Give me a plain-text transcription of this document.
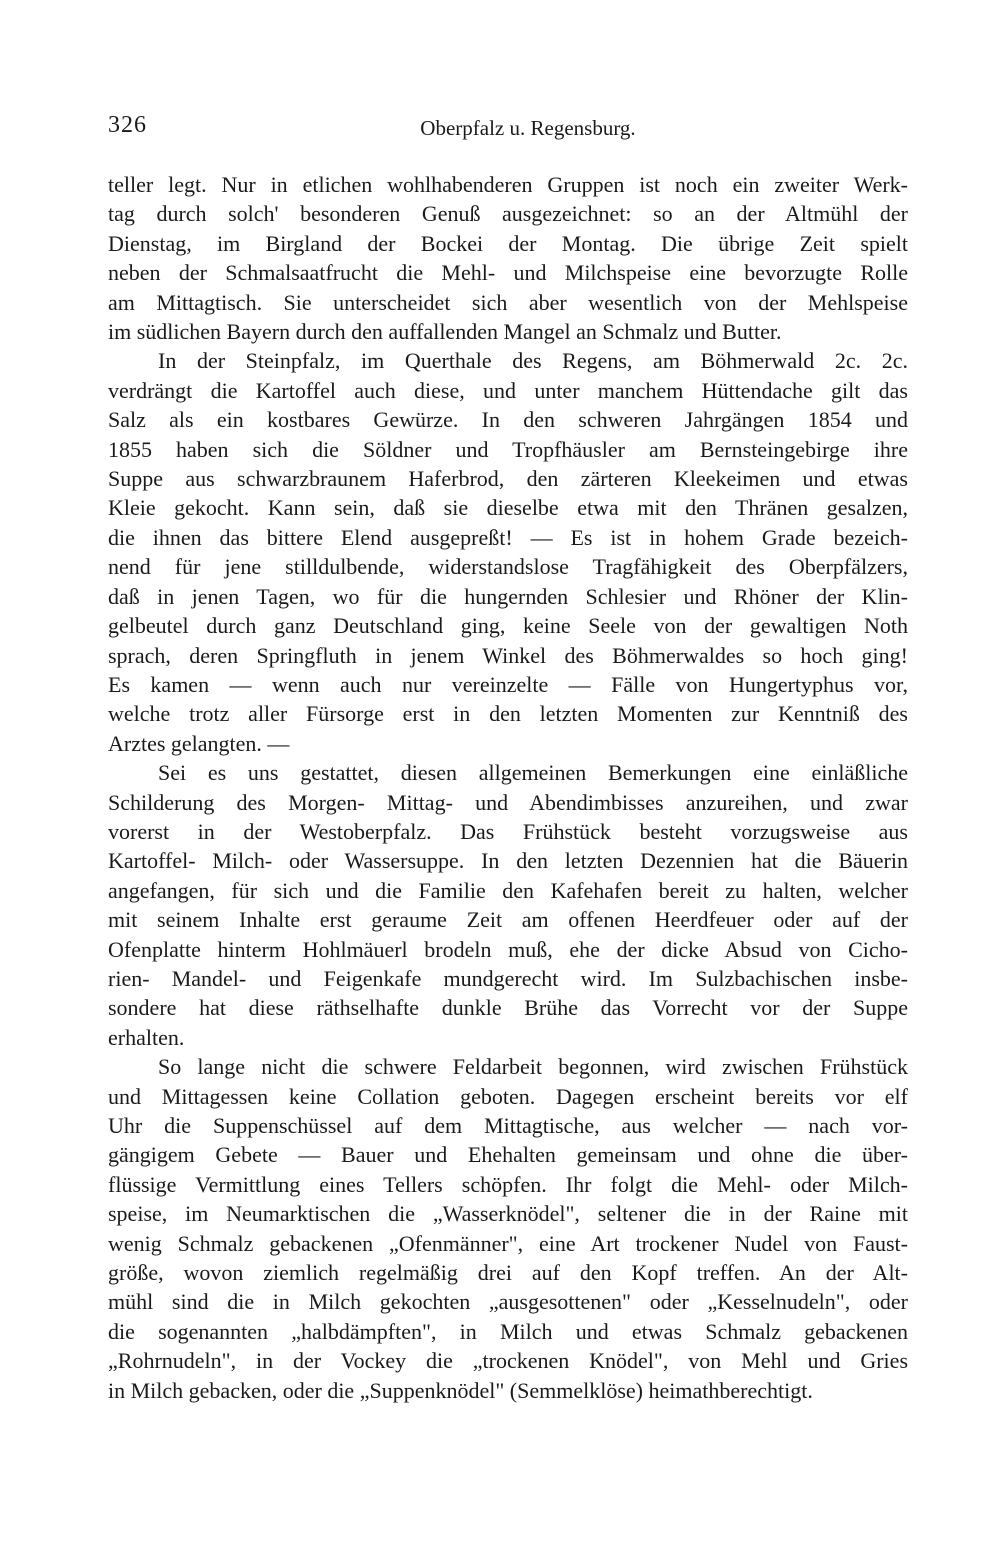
326	Oberpfalz u. Regensburg.
teller legt. Nur in etlichen wohlhabenderen Gruppen ist noch ein zweiter Werk-
tag durch solch' besonderen Genuß ausgezeichnet: so an der Altmühl der
Dienstag, im Birgland der Bockei der Montag. Die übrige Zeit spielt
neben der Schmalsaatfrucht die Mehl- und Milchspeise eine bevorzugte Rolle
am Mittagtisch. Sie unterscheidet sich aber wesentlich von der Mehlspeise
im südlichen Bayern durch den auffallenden Mangel an Schmalz und Butter.
In der Steinpfalz, im Querthale des Regens, am Böhmerwald 2c. 2c.
verdrängt die Kartoffel auch diese, und unter manchem Hüttendache gilt das
Salz als ein kostbares Gewürze. In den schweren Jahrgängen 1854 und
1855 haben sich die Söldner und Tropfhäusler am Bernsteingebirge ihre
Suppe aus schwarzbraunem Haferbrod, den zärteren Kleekeimen und etwas
Kleie gekocht. Kann sein, daß sie dieselbe etwa mit den Thränen gesalzen,
die ihnen das bittere Elend ausgepreßt! — Es ist in hohem Grade bezeich-
nend für jene stilldulbende, widerstandslose Tragfähigkeit des Oberpfälzers,
daß in jenen Tagen, wo für die hungernden Schlesier und Rhöner der Klin-
gelbeutel durch ganz Deutschland ging, keine Seele von der gewaltigen Noth
sprach, deren Springfluth in jenem Winkel des Böhmerwaldes so hoch ging!
Es kamen — wenn auch nur vereinzelte — Fälle von Hungertyphus vor,
welche trotz aller Fürsorge erst in den letzten Momenten zur Kenntniß des
Arztes gelangten. —
Sei es uns gestattet, diesen allgemeinen Bemerkungen eine einläßliche
Schilderung des Morgen- Mittag- und Abendimbisses anzureihen, und zwar
vorerst in der Westoberpfalz. Das Frühstück besteht vorzugsweise aus
Kartoffel- Milch- oder Wassersuppe. In den letzten Dezennien hat die Bäuerin
angefangen, für sich und die Familie den Kafehafen bereit zu halten, welcher
mit seinem Inhalte erst geraume Zeit am offenen Heerdfeuer oder auf der
Ofenplatte hinterm Hohlmäuerl brodeln muß, ehe der dicke Absud von Cicho-
rien- Mandel- und Feigenkafe mundgerecht wird. Im Sulzbachischen insbe-
sondere hat diese räthselhafte dunkle Brühe das Vorrecht vor der Suppe
erhalten.
So lange nicht die schwere Feldarbeit begonnen, wird zwischen Frühstück
und Mittagessen keine Collation geboten. Dagegen erscheint bereits vor elf
Uhr die Suppenschüssel auf dem Mittagtische, aus welcher — nach vor-
gängigem Gebete — Bauer und Ehehalten gemeinsam und ohne die über-
flüssige Vermittlung eines Tellers schöpfen. Ihr folgt die Mehl- oder Milch-
speise, im Neumarktischen die „Wasserknödel", seltener die in der Raine mit
wenig Schmalz gebackenen „Ofenmänner", eine Art trockener Nudel von Faust-
größe, wovon ziemlich regelmäßig drei auf den Kopf treffen. An der Alt-
mühl sind die in Milch gekochten „ausgesottenen" oder „Kesselnudeln", oder
die sogenannten „halbdämpften", in Milch und etwas Schmalz gebackenen
„Rohrnudeln", in der Vockey die „trockenen Knödel", von Mehl und Gries
in Milch gebacken, oder die „Suppenknödel" (Semmelklöse) heimathberechtigt.
